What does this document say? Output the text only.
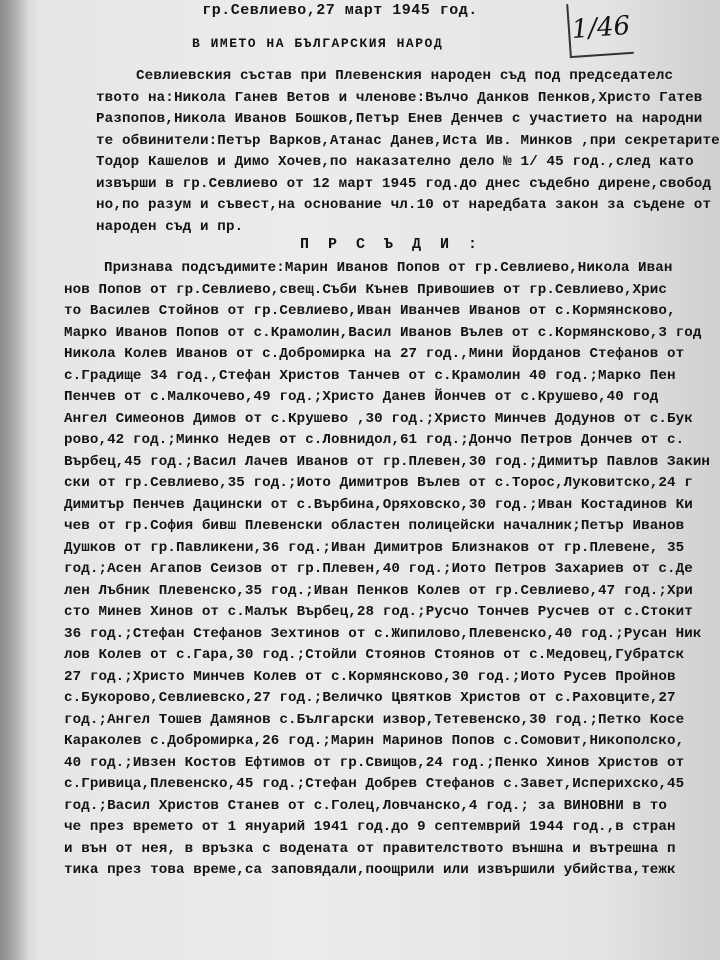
гр.Севлиево,27 март 1945 год.
1/46
В ИМЕТО НА БЪЛГАРСКИЯ НАРОД
Севлиевския състав при Плевенския народен съд под председателс
твото на:Никола Ганев Ветов и членове:Вълчо Данков Пенков,Христо Гатев
Разпопов,Никола Иванов Бошков,Петър Енев Денчев с участието на народни
те обвинители:Петър Варков,Атанас Данев,Иста Ив. Минков ,при секретарите
Тодор Кашелов и Димо Хочев,по наказателно дело № 1/ 45 год.,след като
извърши в гр.Севлиево от 12 март 1945 год.до днес съдебно дирене,свобод
но,по разум и съвест,на основание чл.10 от наредбата закон за съдене от
народен съд и пр.
П Р С Ъ Д И :
Признава подсъдимите:Марин Иванов Попов от гр.Севлиево,Никола Иван
нов Попов от гр.Севлиево,свещ.Съби Кънев Привошиев от гр.Севлиево,Хрис
то Василев Стойнов от гр.Севлиево,Иван Иванчев Иванов от с.Кормянсково,
Марко Иванов Попов от с.Крамолин,Васил Иванов Вълев от с.Кормянсково,3 год
Никола Колев Иванов от с.Добромирка на 27 год.,Мини Йорданов Стефанов от
с.Градище 34 год.,Стефан Христов Танчев от с.Крамолин 40 год.;Марко Пен
Пенчев от с.Малкочево,49 год.;Христо Данев Йончев от с.Крушево,40 год
Ангел Симеонов Димов от с.Крушево ,30 год.;Христо Минчев Додунов от с.Бук
рово,42 год.;Минко Недев от с.Ловнидол,61 год.;Дончо Петров Дончев от с.
Върбец,45 год.;Васил Лачев Иванов от гр.Плевен,30 год.;Димитър Павлов Закин
ски от гр.Севлиево,35 год.;Иото Димитров Вълев от с.Торос,Луковитско,24 г
Димитър Пенчев Дацински от с.Върбина,Оряховско,30 год.;Иван Костадинов Ки
чев от гр.София бивш Плевенски областен полицейски началник;Петър Иванов
Душков от гр.Павликени,36 год.;Иван Димитров Близнаков от гр.Плевене, 35
год.;Асен Агапов Сеизов от гр.Плевен,40 год.;Иото Петров Захариев от с.Де
лен Лъбник Плевенско,35 год.;Иван Пенков Колев от гр.Севлиево,47 год.;Хри
сто Минев Хинов от с.Малък Върбец,28 год.;Русчо Тончев Русчев от с.Стокит
36 год.;Стефан Стефанов Зехтинов от с.Жипилово,Плевенско,40 год.;Русан Ник
лов Колев от с.Гара,30 год.;Стойли Стоянов Стоянов от с.Медовец,Губратск
27 год.;Христо Минчев Колев от с.Кормянсково,30 год.;Иото Русев Пройнов
с.Букорово,Севлиевско,27 год.;Величко Цвятков Христов от с.Раховците,27
год.;Ангел Тошев Дамянов с.Български извор,Тетевенско,30 год.;Петко Косе
Караколев с.Добромирка,26 год.;Марин Маринов Попов с.Сомовит,Никополско,
40 год.;Ивзен Костов Ефтимов от гр.Свищов,24 год.;Пенко Хинов Христов от
с.Гривица,Плевенско,45 год.;Стефан Добрев Стефанов с.Завет,Исперихско,45
год.;Васил Христов Станев от с.Голец,Ловчанско,4 год.; за ВИНОВНИ в то
че през времето от 1 януарий 1941 год.до 9 септемврий 1944 год.,в стран
и вън от нея, в връзка с водената от правителството външна и вътрешна п
тика през това време,са заповядали,поощрили или извършили убийства,тежк
